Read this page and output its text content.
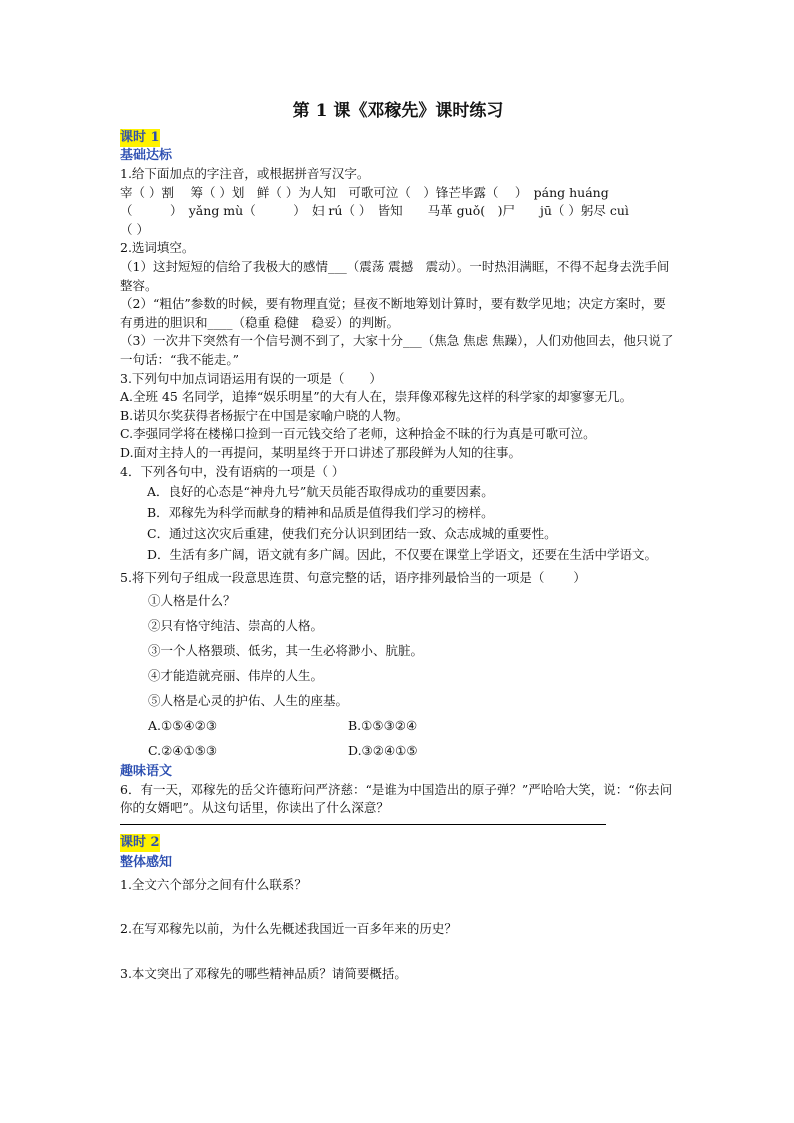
第 1 课《邓稼先》课时练习
课时 1
基础达标
1.给下面加点的字注音，或根据拼音写汉字。
宰（ ）割　 筹（ ）划　鲜（ ）为人知　可歌可泣（　）锋芒毕露（　 ）　páng huáng
（　　　）　yǎng mù（　　　）　妇 rú（ ）　皆知　　马革 guǒ(　)尸　　jū（ ）躬尽 cuì
（ ）
2.选词填空。
（1）这封短短的信给了我极大的感情___（震荡 震撼　震动）。一时热泪满眶，不得不起身去洗手间整容。
（2）“粗估”参数的时候，要有物理直觉；昼夜不断地筹划计算时，要有数学见地；决定方案时，要有勇进的胆识和____（稳重 稳健　稳妥）的判断。
（3）一次井下突然有一个信号测不到了，大家十分___（焦急 焦虑 焦躁），人们劝他回去，他只说了一句话：“我不能走。”
3.下列句中加点词语运用有误的一项是（　　）
A.全班 45 名同学，追捧“娱乐明星”的大有人在，崇拜像邓稼先这样的科学家的却寥寥无几。
B.诺贝尔奖获得者杨振宁在中国是家喻户晓的人物。
C.李强同学将在楼梯口捡到一百元钱交给了老师，这种拾金不昧的行为真是可歌可泣。
D.面对主持人的一再提问，某明星终于开口讲述了那段鲜为人知的往事。
4．下列各句中，没有语病的一项是（ ）
A．良好的心态是“神舟九号”航天员能否取得成功的重要因素。
B．邓稼先为科学而献身的精神和品质是值得我们学习的榜样。
C．通过这次灾后重建，使我们充分认识到团结一致、众志成城的重要性。
D．生活有多广阔，语文就有多广阔。因此，不仅要在课堂上学语文，还要在生活中学语文。
5.将下列句子组成一段意思连贯、句意完整的话，语序排列最恰当的一项是（　　 ）
①人格是什么？
②只有恪守纯洁、崇高的人格。
③一个人格猥琐、低劣，其一生必将渺小、肮脏。
④才能造就亮丽、伟岸的人生。
⑤人格是心灵的护佑、人生的座基。
A.①⑤④②③	B.①⑤③②④
C.②④①⑤③	D.③②④①⑤
趣味语文
6．有一天，邓稼先的岳父许德珩问严济慈：“是谁为中国造出的原子弹？”严哈哈大笑，说：“你去问你的女婿吧”。从这句话里，你读出了什么深意？
课时 2
整体感知
1.全文六个部分之间有什么联系？
2.在写邓稼先以前，为什么先概述我国近一百多年来的历史？
3.本文突出了邓稼先的哪些精神品质？请简要概括。
